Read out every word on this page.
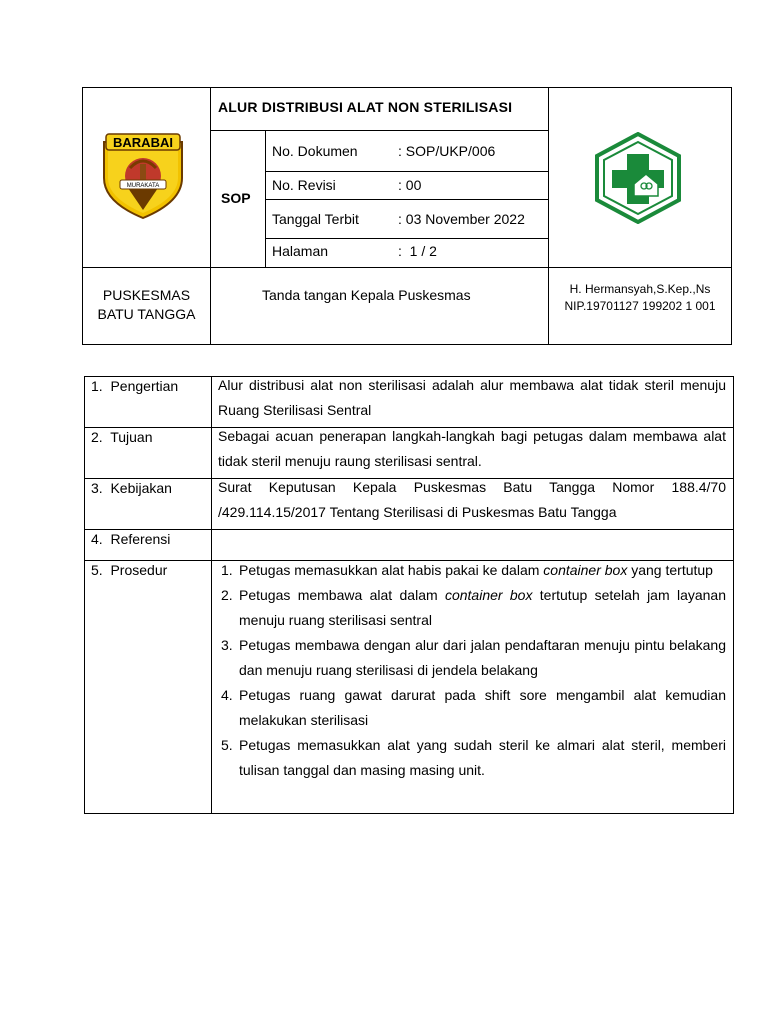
BARABAI
MURAKATA
ALUR DISTRIBUSI ALAT NON STERILISASI
SOP
No. Dokumen	: SOP/UKP/006
No. Revisi	: 00
Tanggal Terbit	: 03 November 2022
Halaman	:  1 / 2
PUSKESMAS
BATU TANGGA
Tanda tangan Kepala Puskesmas	H. Hermansyah,S.Kep.,Ns
NIP.19701127 199202 1 001
1.  Pengertian	Alur distribusi alat non sterilisasi adalah alur membawa alat tidak steril menuju Ruang Sterilisasi Sentral
2.  Tujuan	Sebagai acuan penerapan langkah-langkah bagi petugas dalam membawa alat tidak steril menuju raung sterilisasi sentral.
3.  Kebijakan	Surat Keputusan Kepala Puskesmas Batu Tangga Nomor 188.4/70 /429.114.15/2017 Tentang Sterilisasi di Puskesmas Batu Tangga
4.  Referensi
5.  Prosedur	1. Petugas memasukkan alat habis pakai ke dalam container box yang tertutup
2. Petugas membawa alat dalam container box tertutup setelah jam layanan menuju ruang sterilisasi sentral
3. Petugas membawa dengan alur dari jalan pendaftaran menuju pintu belakang dan menuju ruang sterilisasi di jendela belakang
4. Petugas ruang gawat darurat pada shift sore mengambil alat kemudian melakukan sterilisasi
5. Petugas memasukkan alat yang sudah steril ke almari alat steril, memberi tulisan tanggal dan masing masing unit.
